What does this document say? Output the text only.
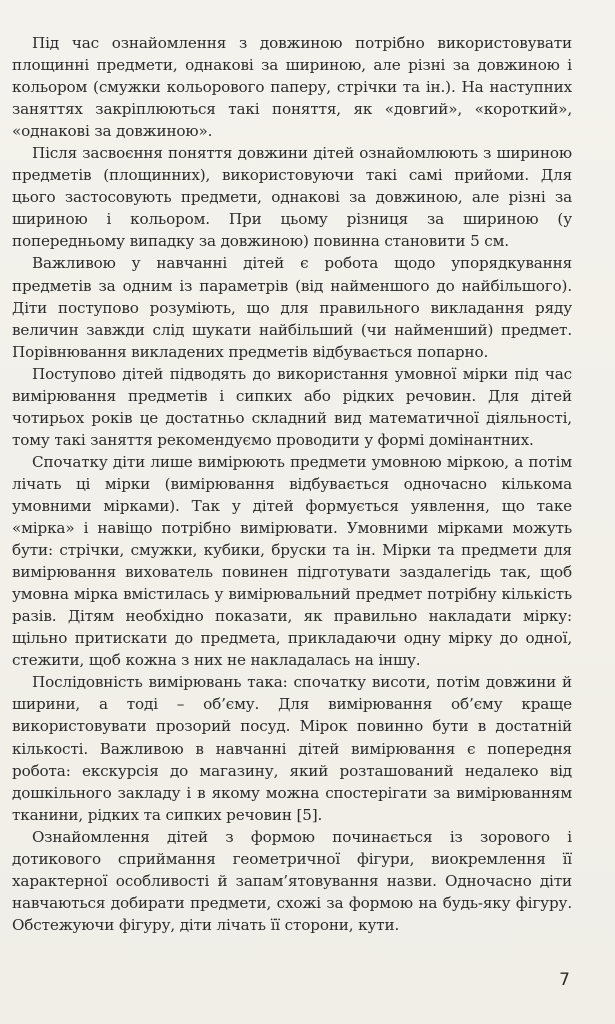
Під час ознайомлення з довжиною потрібно використовувати площинні предмети, однакові за шириною, але різні за довжиною і кольором (смужки кольорового паперу, стрічки та ін.). На наступних заняттях закріплюються такі поняття, як «довгий», «короткий», «однакові за довжиною».

Після засвоєння поняття довжини дітей ознайомлюють з шириною предметів (площинних), використовуючи такі самі прийоми. Для цього застосовують предмети, однакові за довжиною, але різні за шириною і кольором. При цьому різниця за шириною (у попередньому випадку за довжиною) повинна становити 5 см.

Важливою у навчанні дітей є робота щодо упорядкування предметів за одним із параметрів (від найменшого до найбільшого). Діти поступово розуміють, що для правильного викладання ряду величин завжди слід шукати найбільший (чи найменший) предмет. Порівнювання викладених предметів відбувається попарно.

Поступово дітей підводять до використання умовної мірки під час вимірювання предметів і сипких або рідких речовин. Для дітей чотирьох років це достатньо складний вид математичної діяльності, тому такі заняття рекомендуємо проводити у формі домінантних.

Спочатку діти лише вимірюють предмети умовною міркою, а потім лічать ці мірки (вимірювання відбувається одночасно кількома умовними мірками). Так у дітей формується уявлення, що таке «мірка» і навіщо потрібно вимірювати. Умовними мірками можуть бути: стрічки, смужки, кубики, бруски та ін. Мірки та предмети для вимірювання вихователь повинен підготувати заздалегідь так, щоб умовна мірка вмістилась у вимірювальний предмет потрібну кількість разів. Дітям необхідно показати, як правильно накладати мірку: щільно притискати до предмета, прикладаючи одну мірку до одної, стежити, щоб кожна з них не накладалась на іншу.

Послідовність вимірювань така: спочатку висоти, потім довжини й ширини, а тоді – об’єму. Для вимірювання об’єму краще використовувати прозорий посуд. Мірок повинно бути в достатній кількості. Важливою в навчанні дітей вимірювання є попередня робота: екскурсія до магазину, який розташований недалеко від дошкільного закладу і в якому можна спостерігати за вимірюванням тканини, рідких та сипких речовин [5].

Ознайомлення дітей з формою починається із зорового і дотикового сприймання геометричної фігури, виокремлення її характерної особливості й запам’ятовування назви. Одночасно діти навчаються добирати предмети, схожі за формою на будь-яку фігуру. Обстежуючи фігуру, діти лічать її сторони, кути.

7
